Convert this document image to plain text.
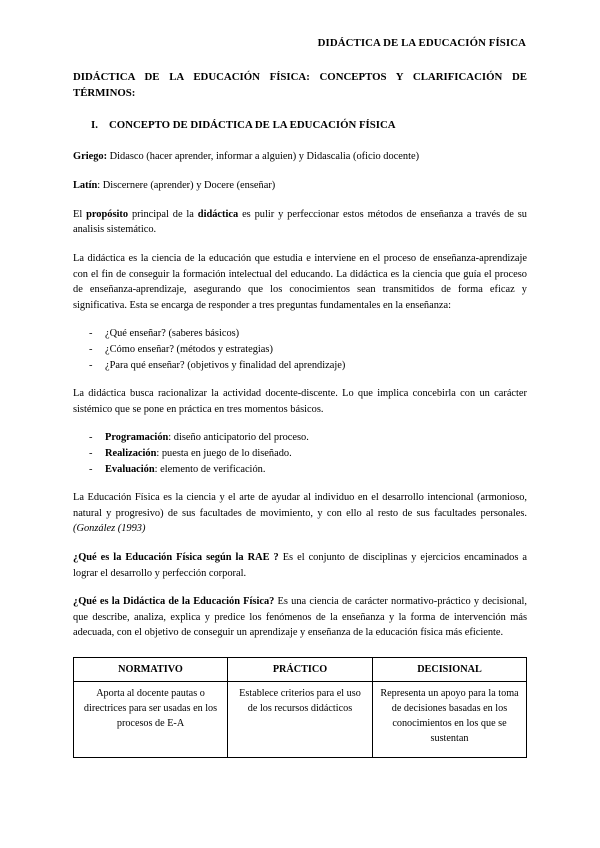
DIDÁCTICA DE LA EDUCACIÓN FÍSICA
DIDÁCTICA DE LA EDUCACIÓN FÍSICA: CONCEPTOS Y CLARIFICACIÓN DE TÉRMINOS:
I. CONCEPTO DE DIDÁCTICA DE LA EDUCACIÓN FÍSICA

Griego: Didasco (hacer aprender, informar a alguien) y Didascalia (oficio docente)

Latín: Discernere (aprender) y Docere (enseñar)

El propósito principal de la didáctica es pulir y perfeccionar estos métodos de enseñanza a través de su analisis sistemático.

La didáctica es la ciencia de la educación que estudia e interviene en el proceso de enseñanza-aprendizaje con el fin de conseguir la formación intelectual del educando. La didáctica es la ciencia que guía el proceso de enseñanza-aprendizaje, asegurando que los conocimientos sean transmitidos de forma eficaz y significativa. Esta se encarga de responder a tres preguntas fundamentales en la enseñanza:

- ¿Qué enseñar? (saberes básicos)
- ¿Cómo enseñar? (métodos y estrategias)
- ¿Para qué enseñar? (objetivos y finalidad del aprendizaje)

La didáctica busca racionalizar la actividad docente-discente. Lo que implica concebirla con un carácter sistémico que se pone en práctica en tres momentos básicos.

- Programación: diseño anticipatorio del proceso.
- Realización: puesta en juego de lo diseñado.
- Evaluación: elemento de verificación.

La Educación Física es la ciencia y el arte de ayudar al individuo en el desarrollo intencional (armonioso, natural y progresivo) de sus facultades de movimiento, y con ello al resto de sus facultades personales. (González (1993)

¿Qué es la Educación Física según la RAE ? Es el conjunto de disciplinas y ejercicios encaminados a lograr el desarrollo y perfección corporal.

¿Qué es la Didáctica de la Educación Física? Es una ciencia de carácter normativo-práctico y decisional, que describe, analiza, explica y predice los fenómenos de la enseñanza y la forma de intervención más adecuada, con el objetivo de conseguir un aprendizaje y enseñanza de la educación física más eficiente.

NORMATIVO	PRÁCTICO	DECISIONAL
Aporta al docente pautas o directrices para ser usadas en los procesos de E-A	Establece criterios para el uso de los recursos didácticos	Representa un apoyo para la toma de decisiones basadas en los conocimientos en los que se sustentan
